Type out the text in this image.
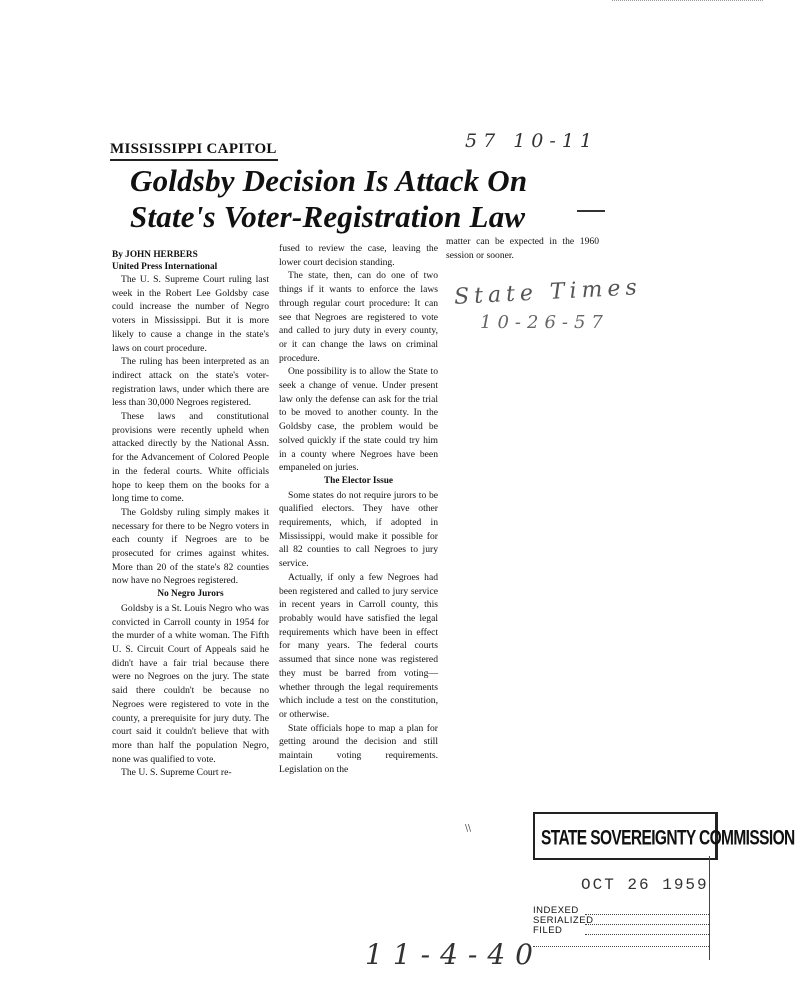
MISSISSIPPI CAPITOL	57 10-11
Goldsby Decision Is Attack On
State's Voter-Registration Law

By JOHN HERBERS

United Press International

The U. S. Supreme Court ruling last week in the Robert Lee Goldsby case could increase the number of Negro voters in Mississippi. But it is more likely to cause a change in the state's laws on court procedure.

The ruling has been interpreted as an indirect attack on the state's voter-registration laws, under which there are less than 30,000 Negroes registered.

These laws and constitutional provisions were recently upheld when attacked directly by the National Assn. for the Advancement of Colored People in the federal courts. White officials hope to keep them on the books for a long time to come.

The Goldsby ruling simply makes it necessary for there to be Negro voters in each county if Negroes are to be prosecuted for crimes against whites. More than 20 of the state's 82 counties now have no Negroes registered.

No Negro Jurors

Goldsby is a St. Louis Negro who was convicted in Carroll county in 1954 for the murder of a white woman. The Fifth U. S. Circuit Court of Appeals said he didn't have a fair trial because there were no Negroes on the jury. The state said there couldn't be because no Negroes were registered to vote in the county, a prerequisite for jury duty. The court said it couldn't believe that with more than half the population Negro, none was qualified to vote.

The U. S. Supreme Court re-

fused to review the case, leaving the lower court decision standing.

The state, then, can do one of two things if it wants to enforce the laws through regular court procedure: It can see that Negroes are registered to vote and called to jury duty in every county, or it can change the laws on criminal procedure.

One possibility is to allow the State to seek a change of venue. Under present law only the defense can ask for the trial to be moved to another county. In the Goldsby case, the problem would be solved quickly if the state could try him in a county where Negroes have been empaneled on juries.

The Elector Issue

Some states do not require jurors to be qualified electors. They have other requirements, which, if adopted in Mississippi, would make it possible for all 82 counties to call Negroes to jury service.

Actually, if only a few Negroes had been registered and called to jury service in recent years in Carroll county, this probably would have satisfied the legal requirements which have been in effect for many years. The federal courts assumed that since none was registered they must be barred from voting—whether through the legal requirements which include a test on the constitution, or otherwise.

State officials hope to map a plan for getting around the decision and still maintain voting requirements. Legislation on the

matter can be expected in the 1960 session or sooner.

State Times
10-26-57
\\	STATE SOVEREIGNTY COMMISSION
OCT 26 1959
INDEXED
SERIALIZED
FILED
11-4-40
